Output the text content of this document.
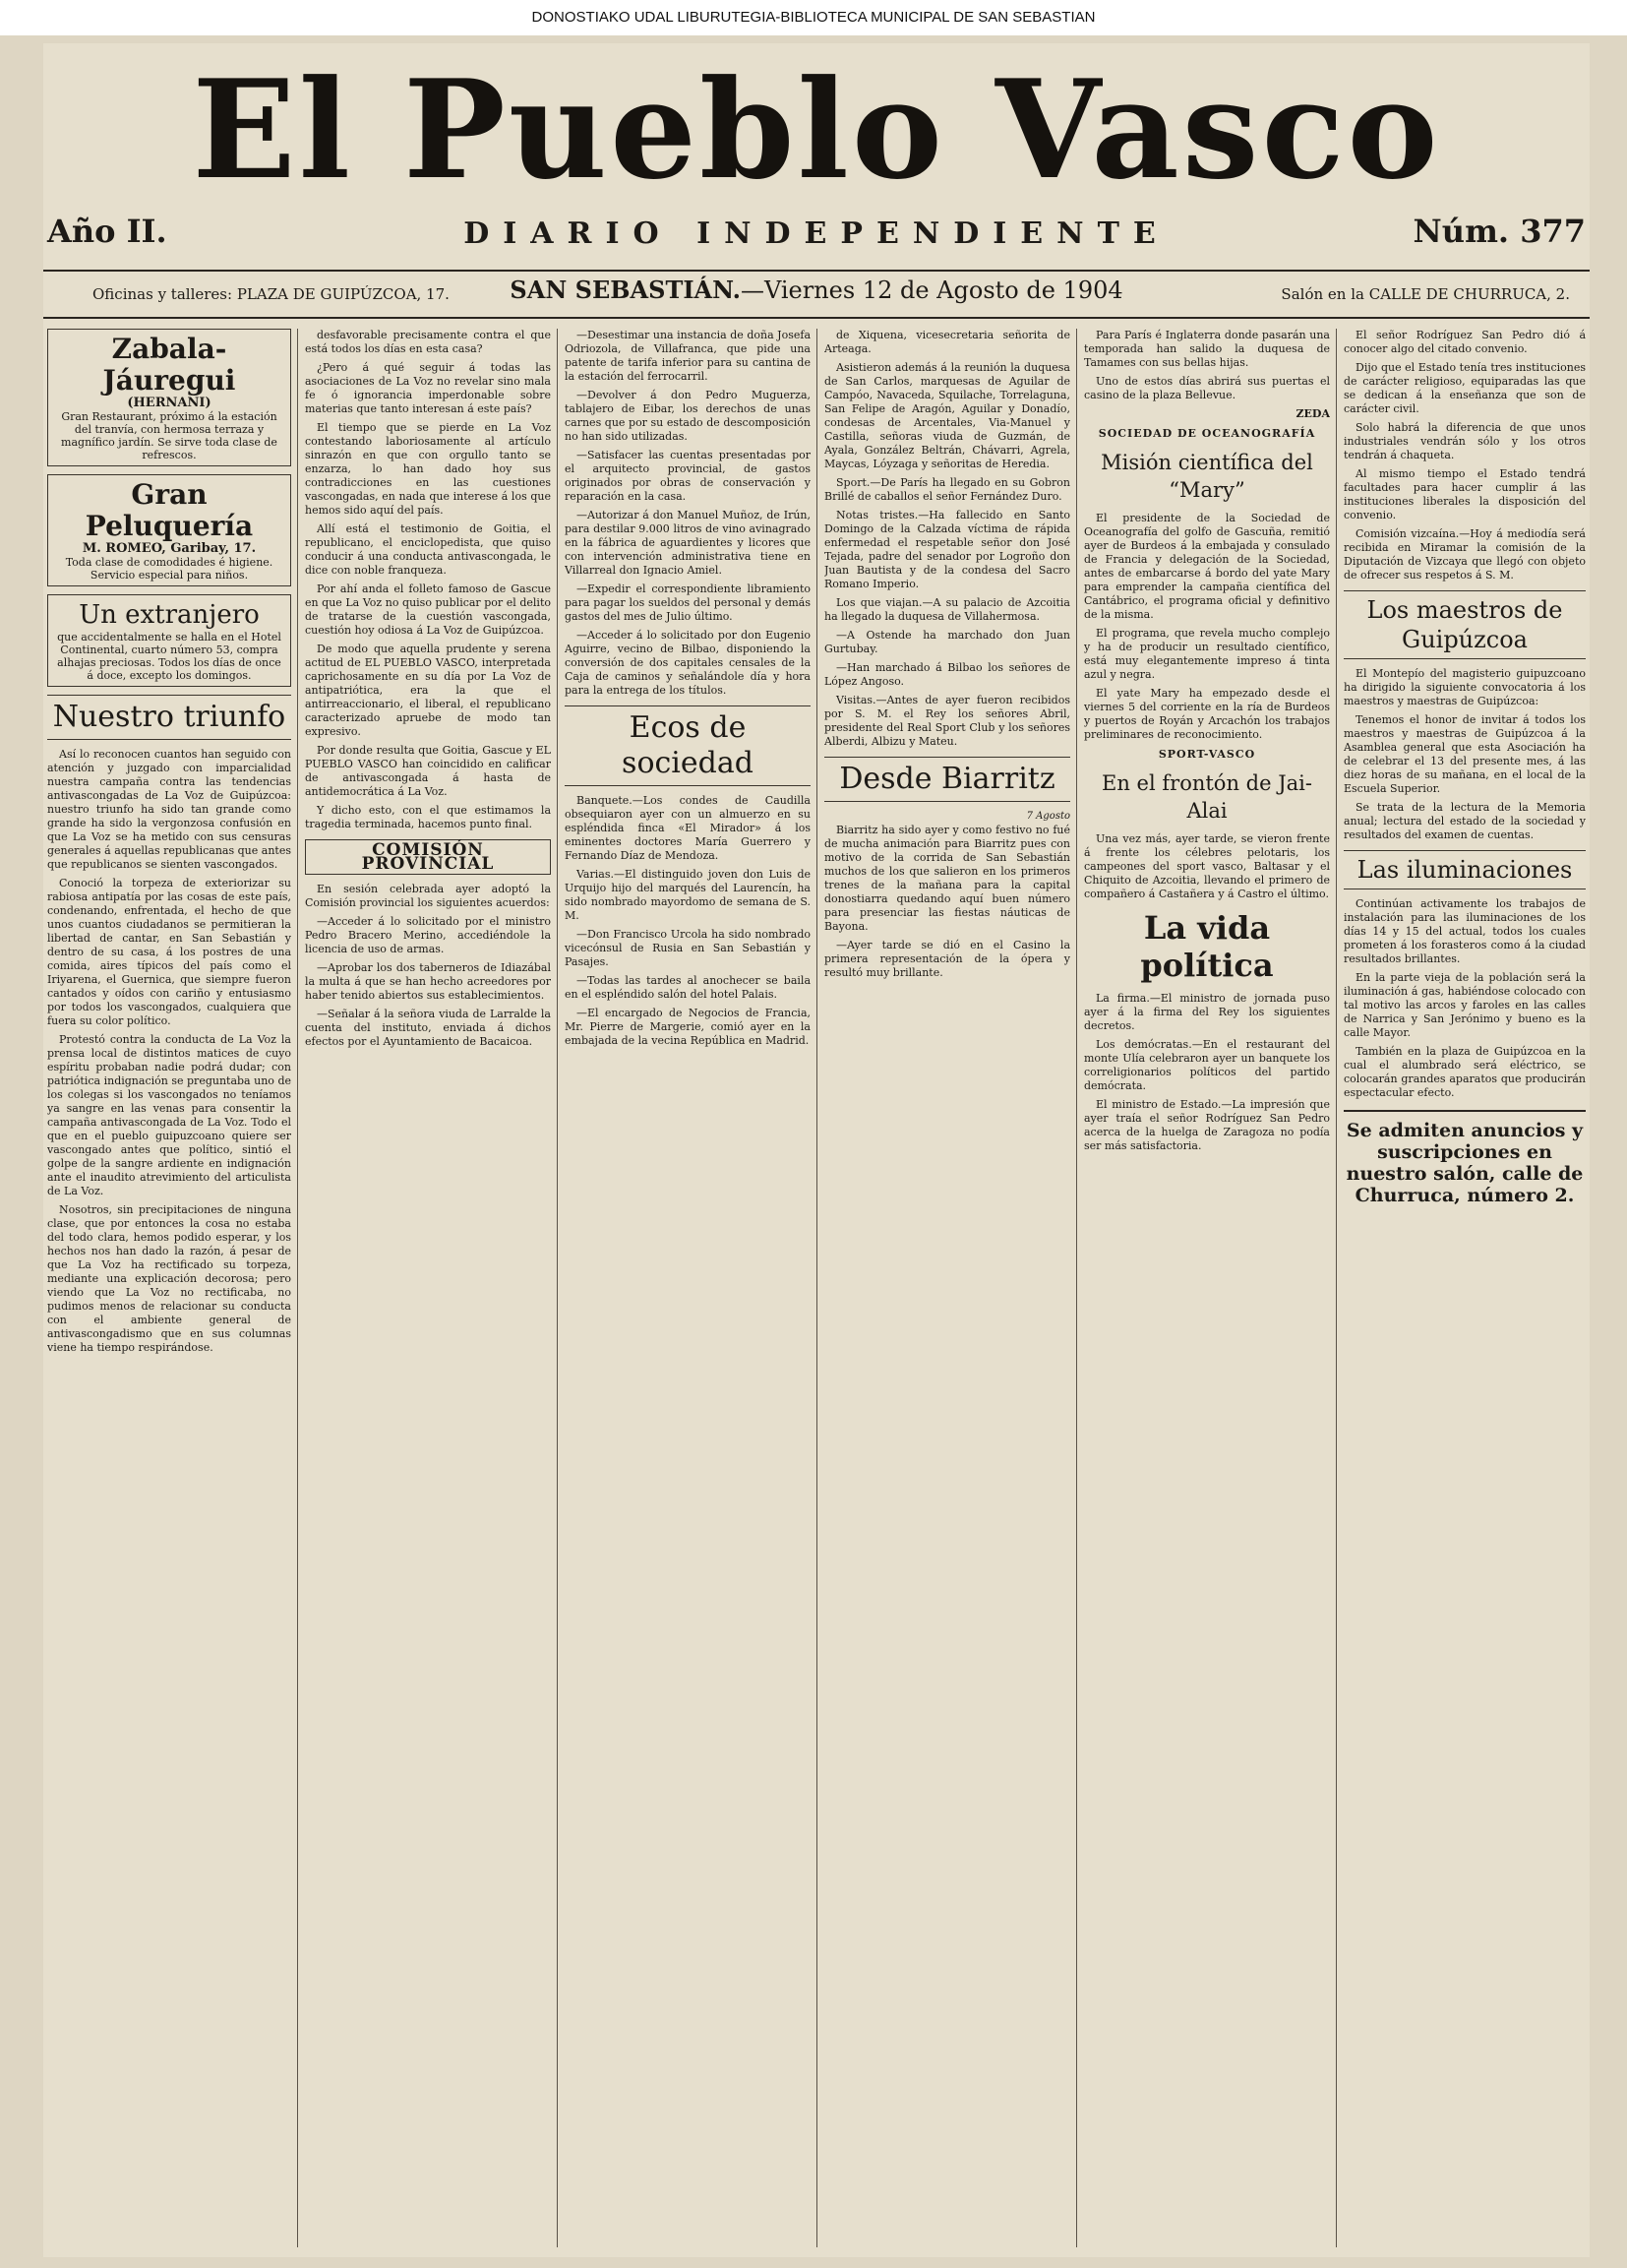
DONOSTIAKO UDAL LIBURUTEGIA-BIBLIOTECA MUNICIPAL DE SAN SEBASTIAN
El Pueblo Vasco
Año II.	DIARIO INDEPENDIENTE	Núm. 377
Oficinas y talleres: PLAZA DE GUIPÚZCOA, 17.	SAN SEBASTIÁN.—Viernes 12 de Agosto de 1904	Salón en la CALLE DE CHURRUCA, 2.
Zabala-Jáuregui
(HERNANI)
Gran Restaurant, próximo á la estación del tranvía, con hermosa terraza y magnífico jardín. Se sirve toda clase de refrescos.
Gran Peluquería
M. ROMEO, Garibay, 17.
Toda clase de comodidades é higiene. Servicio especial para niños.
Un extranjero
que accidentalmente se halla en el Hotel Continental, cuarto número 53, compra alhajas preciosas. Todos los días de once á doce, excepto los domingos.
Nuestro triunfo

Así lo reconocen cuantos han seguido con atención y juzgado con imparcialidad nuestra campaña contra las tendencias antivascongadas de La Voz de Guipúzcoa: nuestro triunfo ha sido tan grande como grande ha sido la vergonzosa confusión en que La Voz se ha metido con sus censuras generales á aquellas republicanas que antes que republicanos se sienten vascongados.

Conoció la torpeza de exteriorizar su rabiosa antipatía por las cosas de este país, condenando, enfrentada, el hecho de que unos cuantos ciudadanos se permitieran la libertad de cantar, en San Sebastián y dentro de su casa, á los postres de una comida, aires típicos del país como el Iriyarena, el Guernica, que siempre fueron cantados y oídos con cariño y entusiasmo por todos los vascongados, cualquiera que fuera su color político.

Protestó contra la conducta de La Voz la prensa local de distintos matices de cuyo espíritu probaban nadie podrá dudar; con patriótica indignación se preguntaba uno de los colegas si los vascongados no teníamos ya sangre en las venas para consentir la campaña antivascongada de La Voz. Todo el que en el pueblo guipuzcoano quiere ser vascongado antes que político, sintió el golpe de la sangre ardiente en indignación ante el inaudito atrevimiento del articulista de La Voz.

Nosotros, sin precipitaciones de ninguna clase, que por entonces la cosa no estaba del todo clara, hemos podido esperar, y los hechos nos han dado la razón, á pesar de que La Voz ha rectificado su torpeza, mediante una explicación decorosa; pero viendo que La Voz no rectificaba, no pudimos menos de relacionar su conducta con el ambiente general de antivascongadismo que en sus columnas viene ha tiempo respirándose.

desfavorable precisamente contra el que está todos los días en esta casa?

¿Pero á qué seguir á todas las asociaciones de La Voz no revelar sino mala fe ó ignorancia imperdonable sobre materias que tanto interesan á este país?

El tiempo que se pierde en La Voz contestando laboriosamente al artículo sinrazón en que con orgullo tanto se enzarza, lo han dado hoy sus contradicciones en las cuestiones vascongadas, en nada que interese á los que hemos sido aquí del país.

Allí está el testimonio de Goitia, el republicano, el enciclopedista, que quiso conducir á una conducta antivascongada, le dice con noble franqueza.

Por ahí anda el folleto famoso de Gascue en que La Voz no quiso publicar por el delito de tratarse de la cuestión vascongada, cuestión hoy odiosa á La Voz de Guipúzcoa.

De modo que aquella prudente y serena actitud de EL PUEBLO VASCO, interpretada caprichosamente en su día por La Voz de antipatriótica, era la que el antirreaccionario, el liberal, el republicano caracterizado apruebe de modo tan expresivo.

Por donde resulta que Goitia, Gascue y EL PUEBLO VASCO han coincidido en calificar de antivascongada á hasta de antidemocrática á La Voz.

Y dicho esto, con el que estimamos la tragedia terminada, hacemos punto final.

COMISIÓN PROVINCIAL

En sesión celebrada ayer adoptó la Comisión provincial los siguientes acuerdos:

—Acceder á lo solicitado por el ministro Pedro Bracero Merino, accediéndole la licencia de uso de armas.

—Aprobar los dos taberneros de Idiazábal la multa á que se han hecho acreedores por haber tenido abiertos sus establecimientos.

—Señalar á la señora viuda de Larralde la cuenta del instituto, enviada á dichos efectos por el Ayuntamiento de Bacaicoa.

—Desestimar una instancia de doña Josefa Odriozola, de Villafranca, que pide una patente de tarifa inferior para su cantina de la estación del ferrocarril.

—Devolver á don Pedro Muguerza, tablajero de Eibar, los derechos de unas carnes que por su estado de descomposición no han sido utilizadas.

—Satisfacer las cuentas presentadas por el arquitecto provincial, de gastos originados por obras de conservación y reparación en la casa.

—Autorizar á don Manuel Muñoz, de Irún, para destilar 9.000 litros de vino avinagrado en la fábrica de aguardientes y licores que con intervención administrativa tiene en Villarreal don Ignacio Amiel.

—Expedir el correspondiente libramiento para pagar los sueldos del personal y demás gastos del mes de Julio último.

—Acceder á lo solicitado por don Eugenio Aguirre, vecino de Bilbao, disponiendo la conversión de dos capitales censales de la Caja de caminos y señalándole día y hora para la entrega de los títulos.

Ecos de sociedad

Banquete.—Los condes de Caudilla obsequiaron ayer con un almuerzo en su espléndida finca «El Mirador» á los eminentes doctores María Guerrero y Fernando Díaz de Mendoza.

Varias.—El distinguido joven don Luis de Urquijo hijo del marqués del Laurencín, ha sido nombrado mayordomo de semana de S. M.

—Don Francisco Urcola ha sido nombrado vicecónsul de Rusia en San Sebastián y Pasajes.

—Todas las tardes al anochecer se baila en el espléndido salón del hotel Palais.

—El encargado de Negocios de Francia, Mr. Pierre de Margerie, comió ayer en la embajada de la vecina República en Madrid.

de Xiquena, vicesecretaria señorita de Arteaga.

Asistieron además á la reunión la duquesa de San Carlos, marquesas de Aguilar de Campóo, Navaceda, Squilache, Torrelaguna, San Felipe de Aragón, Aguilar y Donadío, condesas de Arcentales, Via-Manuel y Castilla, señoras viuda de Guzmán, de Ayala, González Beltrán, Chávarri, Agrela, Maycas, Lóyzaga y señoritas de Heredia.

Sport.—De París ha llegado en su Gobron Brillé de caballos el señor Fernández Duro.

Notas tristes.—Ha fallecido en Santo Domingo de la Calzada víctima de rápida enfermedad el respetable señor don José Tejada, padre del senador por Logroño don Juan Bautista y de la condesa del Sacro Romano Imperio.

Los que viajan.—A su palacio de Azcoitia ha llegado la duquesa de Villahermosa.

—A Ostende ha marchado don Juan Gurtubay.

—Han marchado á Bilbao los señores de López Angoso.

Visitas.—Antes de ayer fueron recibidos por S. M. el Rey los señores Abril, presidente del Real Sport Club y los señores Alberdi, Albizu y Mateu.

Desde Biarritz
7 Agosto

Biarritz ha sido ayer y como festivo no fué de mucha animación para Biarritz pues con motivo de la corrida de San Sebastián muchos de los que salieron en los primeros trenes de la mañana para la capital donostiarra quedando aquí buen número para presenciar las fiestas náuticas de Bayona.

—Ayer tarde se dió en el Casino la primera representación de la ópera y resultó muy brillante.

Para París é Inglaterra donde pasarán una temporada han salido la duquesa de Tamames con sus bellas hijas.

Uno de estos días abrirá sus puertas el casino de la plaza Bellevue.

ZEDA
SOCIEDAD DE OCEANOGRAFÍA
Misión científica del “Mary”

El presidente de la Sociedad de Oceanografía del golfo de Gascuña, remitió ayer de Burdeos á la embajada y consulado de Francia y delegación de la Sociedad, antes de embarcarse á bordo del yate Mary para emprender la campaña científica del Cantábrico, el programa oficial y definitivo de la misma.

El programa, que revela mucho complejo y ha de producir un resultado científico, está muy elegantemente impreso á tinta azul y negra.

El yate Mary ha empezado desde el viernes 5 del corriente en la ría de Burdeos y puertos de Royán y Arcachón los trabajos preliminares de reconocimiento.

SPORT-VASCO
En el frontón de Jai-Alai

Una vez más, ayer tarde, se vieron frente á frente los célebres pelotaris, los campeones del sport vasco, Baltasar y el Chiquito de Azcoitia, llevando el primero de compañero á Castañera y á Castro el último.

La vida política

La firma.—El ministro de jornada puso ayer á la firma del Rey los siguientes decretos.

Los demócratas.—En el restaurant del monte Ulía celebraron ayer un banquete los correligionarios políticos del partido demócrata.

El ministro de Estado.—La impresión que ayer traía el señor Rodríguez San Pedro acerca de la huelga de Zaragoza no podía ser más satisfactoria.

El señor Rodríguez San Pedro dió á conocer algo del citado convenio.

Dijo que el Estado tenía tres instituciones de carácter religioso, equiparadas las que se dedican á la enseñanza que son de carácter civil.

Solo habrá la diferencia de que unos industriales vendrán sólo y los otros tendrán á chaqueta.

Al mismo tiempo el Estado tendrá facultades para hacer cumplir á las instituciones liberales la disposición del convenio.

Comisión vizcaína.—Hoy á mediodía será recibida en Miramar la comisión de la Diputación de Vizcaya que llegó con objeto de ofrecer sus respetos á S. M.

Los maestros de Guipúzcoa

El Montepío del magisterio guipuzcoano ha dirigido la siguiente convocatoria á los maestros y maestras de Guipúzcoa:

Tenemos el honor de invitar á todos los maestros y maestras de Guipúzcoa á la Asamblea general que esta Asociación ha de celebrar el 13 del presente mes, á las diez horas de su mañana, en el local de la Escuela Superior.

Se trata de la lectura de la Memoria anual; lectura del estado de la sociedad y resultados del examen de cuentas.

Las iluminaciones

Continúan activamente los trabajos de instalación para las iluminaciones de los días 14 y 15 del actual, todos los cuales prometen á los forasteros como á la ciudad resultados brillantes.

En la parte vieja de la población será la iluminación á gas, habiéndose colocado con tal motivo las arcos y faroles en las calles de Narrica y San Jerónimo y bueno es la calle Mayor.

También en la plaza de Guipúzcoa en la cual el alumbrado será eléctrico, se colocarán grandes aparatos que producirán espectacular efecto.

Se admiten anuncios y suscripciones en nuestro salón, calle de Churruca, número 2.
